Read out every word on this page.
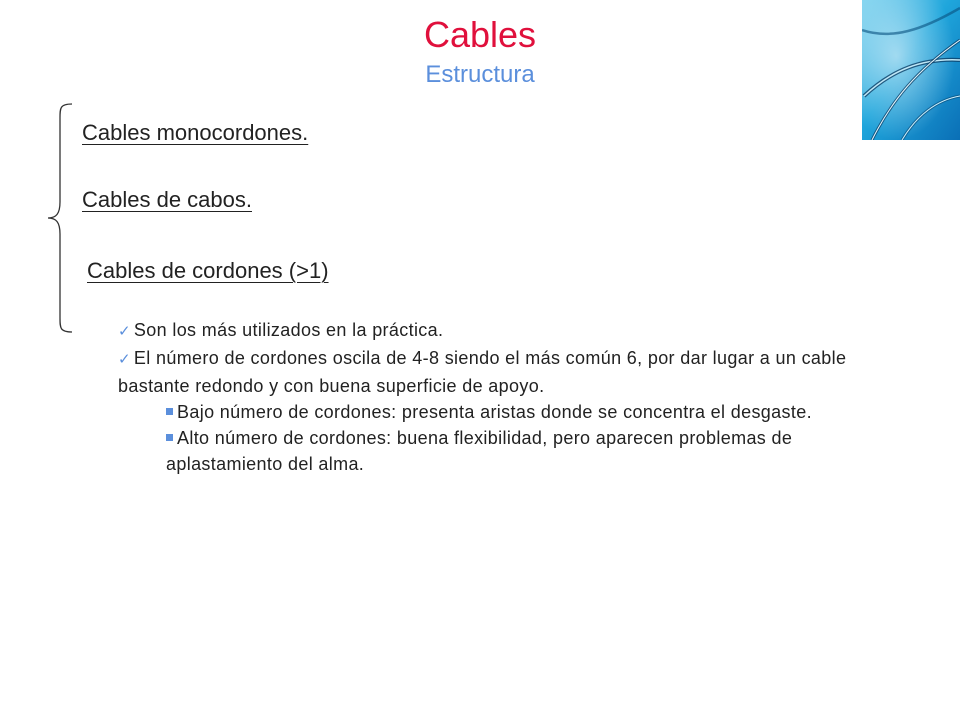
Cables
Estructura

Cables monocordones.

Cables de cabos.

Cables de cordones (>1)

✓ Son los más utilizados en la práctica.

✓ El número de cordones oscila de 4-8 siendo el más común 6, por dar lugar a un cable bastante redondo y con buena superficie de apoyo.

Bajo número de cordones: presenta aristas donde se concentra el desgaste.

Alto número de cordones: buena flexibilidad, pero aparecen problemas de aplastamiento del alma.
